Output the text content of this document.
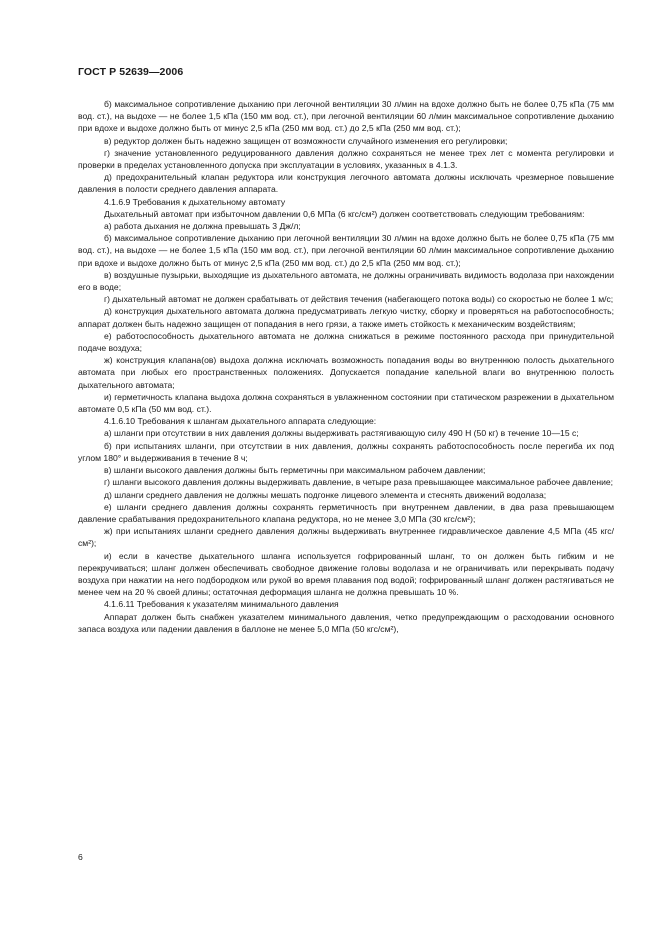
ГОСТ Р 52639—2006

б) максимальное сопротивление дыханию при легочной вентиляции 30 л/мин на вдохе должно быть не более 0,75 кПа (75 мм вод. ст.), на выдохе — не более 1,5 кПа (150 мм вод. ст.), при легочной вентиляции 60 л/мин максимальное сопротивление дыханию при вдохе и выдохе должно быть от минус 2,5 кПа (250 мм вод. ст.) до 2,5 кПа (250 мм вод. ст.);

в) редуктор должен быть надежно защищен от возможности случайного изменения его регулировки;

г) значение установленного редуцированного давления должно сохраняться не менее трех лет с момента регулировки и проверки в пределах установленного допуска при эксплуатации в условиях, указанных в 4.1.3.

д) предохранительный клапан редуктора или конструкция легочного автомата должны исключать чрезмерное повышение давления в полости среднего давления аппарата.

4.1.6.9 Требования к дыхательному автомату

Дыхательный автомат при избыточном давлении 0,6 МПа (6 кгс/см²) должен соответствовать следующим требованиям:

а) работа дыхания не должна превышать 3 Дж/л;

б) максимальное сопротивление дыханию при легочной вентиляции 30 л/мин на вдохе должно быть не более 0,75 кПа (75 мм вод. ст.), на выдохе — не более 1,5 кПа (150 мм вод. ст.), при легочной вентиляции 60 л/мин максимальное сопротивление дыханию при вдохе и выдохе должно быть от минус 2,5 кПа (250 мм вод. ст.) до 2,5 кПа (250 мм вод. ст.);

в) воздушные пузырьки, выходящие из дыхательного автомата, не должны ограничивать видимость водолаза при нахождении его в воде;

г) дыхательный автомат не должен срабатывать от действия течения (набегающего потока воды) со скоростью не более 1 м/с;

д) конструкция дыхательного автомата должна предусматривать легкую чистку, сборку и проверяться на работоспособность; аппарат должен быть надежно защищен от попадания в него грязи, а также иметь стойкость к механическим воздействиям;

е) работоспособность дыхательного автомата не должна снижаться в режиме постоянного расхода при принудительной подаче воздуха;

ж) конструкция клапана(ов) выдоха должна исключать возможность попадания воды во внутреннюю полость дыхательного автомата при любых его пространственных положениях. Допускается попадание капельной влаги во внутреннюю полость дыхательного автомата;

и) герметичность клапана выдоха должна сохраняться в увлажненном состоянии при статическом разрежении в дыхательном автомате 0,5 кПа (50 мм вод. ст.).

4.1.6.10 Требования к шлангам дыхательного аппарата следующие:

а) шланги при отсутствии в них давления должны выдерживать растягивающую силу 490 Н (50 кг) в течение 10—15 с;

б) при испытаниях шланги, при отсутствии в них давления, должны сохранять работоспособность после перегиба их под углом 180° и выдерживания в течение 8 ч;

в) шланги высокого давления должны быть герметичны при максимальном рабочем давлении;

г) шланги высокого давления должны выдерживать давление, в четыре раза превышающее максимальное рабочее давление;

д) шланги среднего давления не должны мешать подгонке лицевого элемента и стеснять движений водолаза;

е) шланги среднего давления должны сохранять герметичность при внутреннем давлении, в два раза превышающем давление срабатывания предохранительного клапана редуктора, но не менее 3,0 МПа (30 кгс/см²);

ж) при испытаниях шланги среднего давления должны выдерживать внутреннее гидравлическое давление 4,5 МПа (45 кгс/см²);

и) если в качестве дыхательного шланга используется гофрированный шланг, то он должен быть гибким и не перекручиваться; шланг должен обеспечивать свободное движение головы водолаза и не ограничивать или перекрывать подачу воздуха при нажатии на него подбородком или рукой во время плавания под водой; гофрированный шланг должен растягиваться не менее чем на 20 % своей длины; остаточная деформация шланга не должна превышать 10 %.

4.1.6.11 Требования к указателям минимального давления

Аппарат должен быть снабжен указателем минимального давления, четко предупреждающим о расходовании основного запаса воздуха или падении давления в баллоне не менее 5,0 МПа (50 кгс/см²),

6
